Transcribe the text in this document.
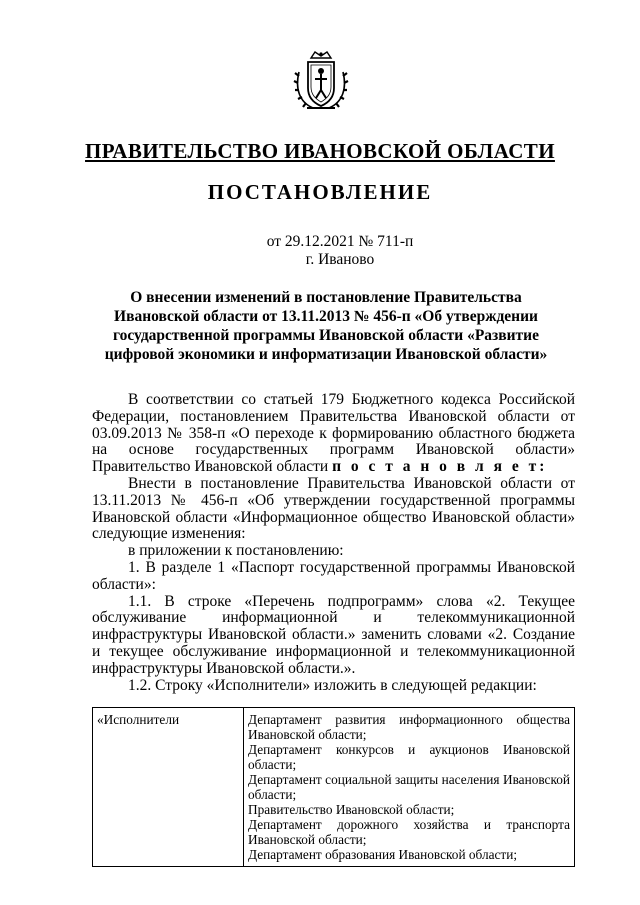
ПРАВИТЕЛЬСТВО ИВАНОВСКОЙ ОБЛАСТИ
ПОСТАНОВЛЕНИЕ
от 29.12.2021 № 711-п
г. Иваново
О внесении изменений в постановление Правительства
Ивановской области от 13.11.2013 № 456-п «Об утверждении
государственной программы Ивановской области «Развитие
цифровой экономики и информатизации Ивановской области»

В соответствии со статьей 179 Бюджетного кодекса Российской Федерации, постановлением Правительства Ивановской области от 03.09.2013 № 358-п «О переходе к формированию областного бюджета на основе государственных программ Ивановской области» Правительство Ивановской области п о с т а н о в л я е т:

Внести в постановление Правительства Ивановской области от 13.11.2013 № 456-п «Об утверждении государственной программы Ивановской области «Информационное общество Ивановской области» следующие изменения:

в приложении к постановлению:

1. В разделе 1 «Паспорт государственной программы Ивановской области»:

1.1. В строке «Перечень подпрограмм» слова «2. Текущее обслуживание информационной и телекоммуникационной инфраструктуры Ивановской области.» заменить словами «2. Создание и текущее обслуживание информационной и телекоммуникационной инфраструктуры Ивановской области.».

1.2. Строку «Исполнители» изложить в следующей редакции:

«Исполнители	Департамент развития информационного общества Ивановской области;
Департамент конкурсов и аукционов Ивановской области;
Департамент социальной защиты населения Ивановской области;
Правительство Ивановской области;
Департамент дорожного хозяйства и транспорта Ивановской области;
Департамент образования Ивановской области;
